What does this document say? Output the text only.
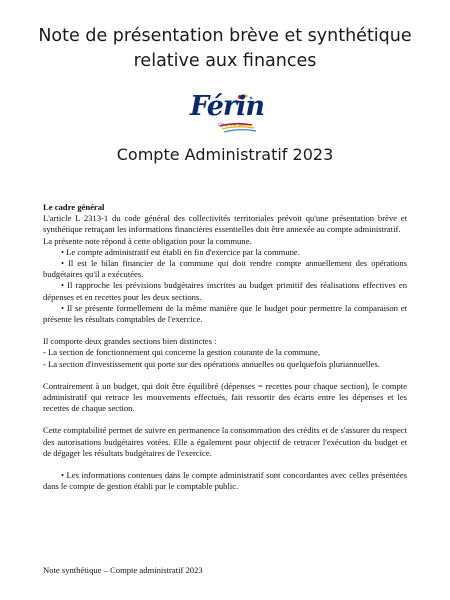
Note de présentation brève et synthétique
relative aux finances
Férin
On y est bien
Compte Administratif 2023

Le cadre général

L'article L 2313-1 du code général des collectivités territoriales prévoit qu'une présentation brève et synthétique retraçant les informations financières essentielles doit être annexée au compte administratif.

La présente note répond à cette obligation pour la commune.

• Le compte administratif est établi en fin d'exercice par la commune.

• Il est le bilan financier de la commune qui doit rendre compte annuellement des opérations budgétaires qu'il a exécutées.

• Il rapproche les prévisions budgétaires inscrites au budget primitif des réalisations effectives en dépenses et en recettes pour les deux sections.

• Il se présente formellement de la même manière que le budget pour permettre la comparaison et présente les résultats comptables de l'exercice.

Il comporte deux grandes sections bien distinctes :

- La section de fonctionnement qui concerne la gestion courante de la commune,

- La section d'investissement qui porte sur des opérations annuelles ou quelquefois pluriannuelles.

Contrairement à un budget, qui doit être équilibré (dépenses = recettes pour chaque section), le compte administratif qui retrace les mouvements effectués, fait ressortir des écarts entre les dépenses et les recettes de chaque section.

Cette comptabilité permet de suivre en permanence la consommation des crédits et de s'assurer du respect des autorisations budgétaires votées. Elle a également pour objectif de retracer l'exécution du budget et de dégager les résultats budgétaires de l'exercice.

• Les informations contenues dans le compte administratif sont concordantes avec celles présentées dans le compte de gestion établi par le comptable public.

Note synthétique – Compte administratif 2023
